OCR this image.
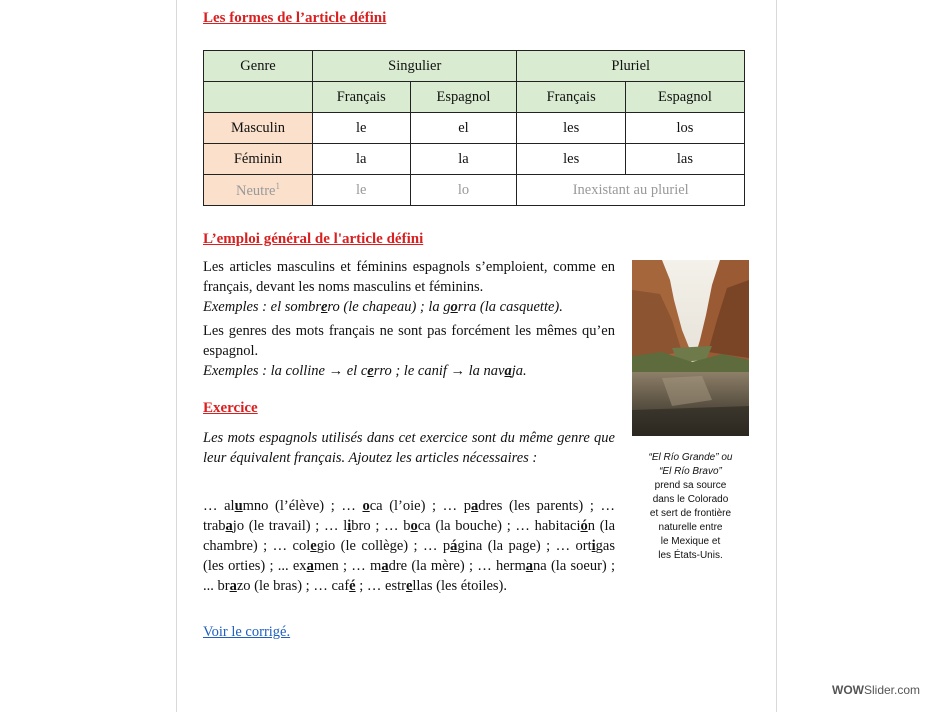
Les formes de l’article défini
Genre	Singulier		Pluriel	
	Français	Espagnol	Français	Espagnol
Masculin	le	el	les	los
Féminin	la	la	les	las
Neutre$^1$	le	lo	Inexistant au pluriel	
L’emploi général de l'article défini
Les articles masculins et féminins espagnols s’emploient, comme en français, devant les noms masculins et féminins.
Exemples : el sombrero (le chapeau) ; la gorra (la casquette).
Les genres des mots français ne sont pas forcément les mêmes qu’en espagnol.
Exemples : la colline → el cerro ; le canif → la navaja.
Exercice
Les mots espagnols utilisés dans cet exercice sont du même genre que leur équivalent français. Ajoutez les articles nécessaires :
… alumno (l’élève) ; … oca (l’oie) ; … padres (les parents) ; … trabajo (le travail) ; … libro ; … boca (la bouche) ; … habitación (la chambre) ; … colegio (le collège) ; … página (la page) ; … ortigas (les orties) ; ... examen ; … madre (la mère) ; … hermana (la soeur) ; ... brazo (le bras) ; … café ; … estrellas (les étoiles).
Voir le corrigé.
“El Río Grande” ou
“El Río Bravo”
prend sa source
dans le Colorado
et sert de frontière
naturelle entre
le Mexique et
les États-Unis.
WOWSlider.com
